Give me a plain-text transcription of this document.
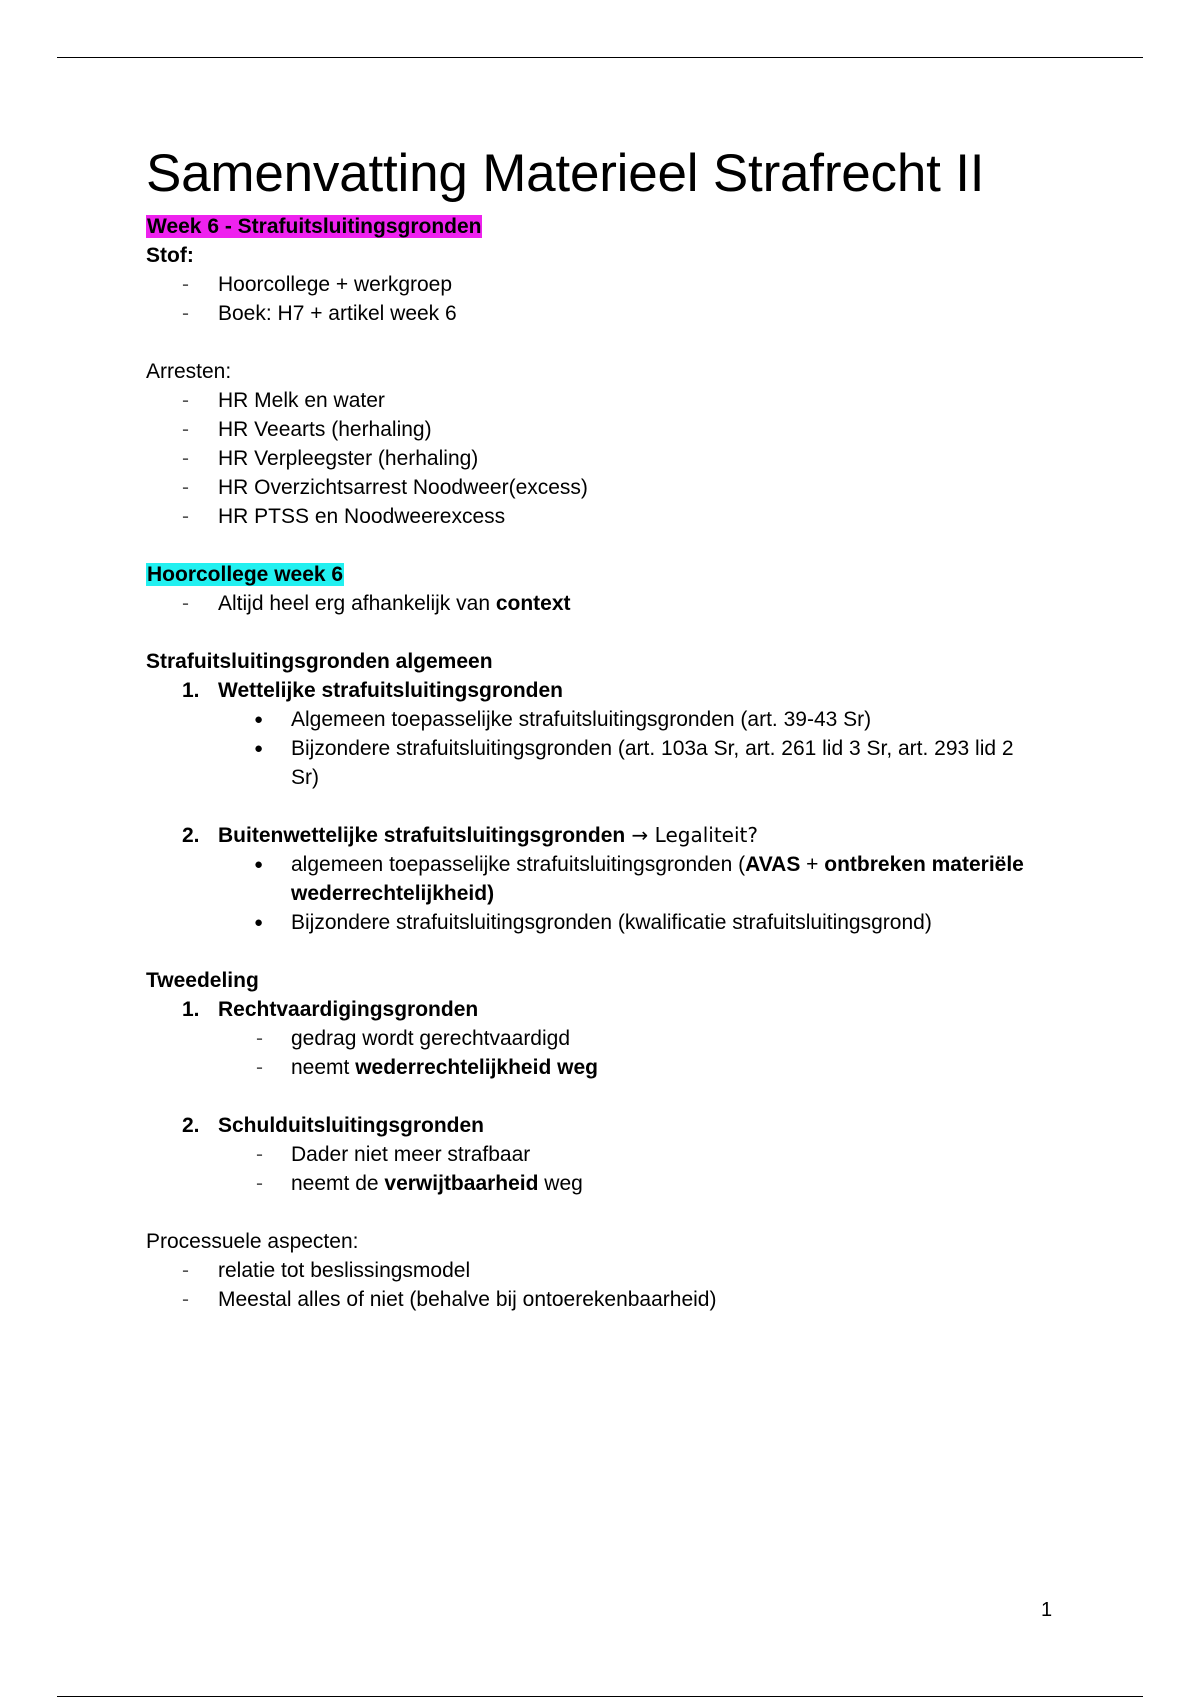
Samenvatting Materieel Strafrecht II

Week 6 - Strafuitsluitingsgronden

Stof:

- Hoorcollege + werkgroep
- Boek: H7 + artikel week 6

Arresten:

- HR Melk en water
- HR Veearts (herhaling)
- HR Verpleegster (herhaling)
- HR Overzichtsarrest Noodweer(excess)
- HR PTSS en Noodweerexcess

Hoorcollege week 6

- Altijd heel erg afhankelijk van context

Strafuitsluitingsgronden algemeen

1. Wettelijke strafuitsluitingsgronden
● Algemeen toepasselijke strafuitsluitingsgronden (art. 39-43 Sr)
● Bijzondere strafuitsluitingsgronden (art. 103a Sr, art. 261 lid 3 Sr, art. 293 lid 2 Sr)
2. Buitenwettelijke strafuitsluitingsgronden → Legaliteit?
● algemeen toepasselijke strafuitsluitingsgronden (AVAS + ontbreken materiële wederrechtelijkheid)
● Bijzondere strafuitsluitingsgronden (kwalificatie strafuitsluitingsgrond)

Tweedeling

1. Rechtvaardigingsgronden
- gedrag wordt gerechtvaardigd
- neemt wederrechtelijkheid weg
2. Schulduitsluitingsgronden
- Dader niet meer strafbaar
- neemt de verwijtbaarheid weg

Processuele aspecten:

- relatie tot beslissingsmodel
- Meestal alles of niet (behalve bij ontoerekenbaarheid)
1
